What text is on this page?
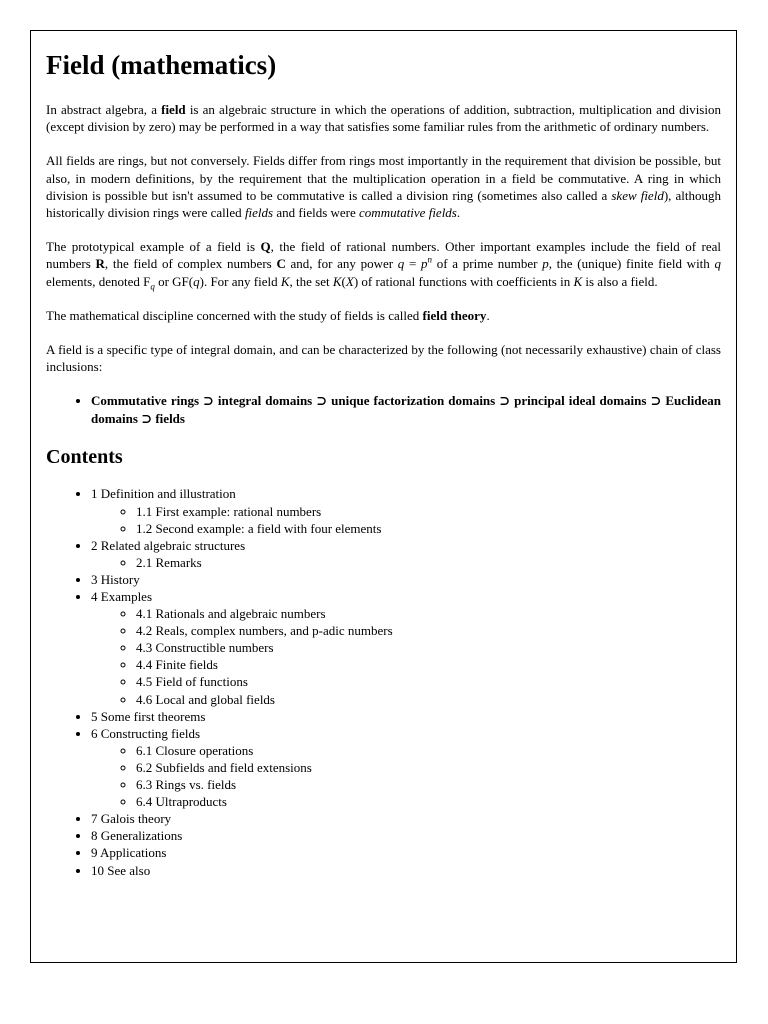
Field (mathematics)

In abstract algebra, a field is an algebraic structure in which the operations of addition, subtraction, multiplication and division (except division by zero) may be performed in a way that satisfies some familiar rules from the arithmetic of ordinary numbers.

All fields are rings, but not conversely. Fields differ from rings most importantly in the requirement that division be possible, but also, in modern definitions, by the requirement that the multiplication operation in a field be commutative. A ring in which division is possible but isn't assumed to be commutative is called a division ring (sometimes also called a skew field), although historically division rings were called fields and fields were commutative fields.

The prototypical example of a field is Q, the field of rational numbers. Other important examples include the field of real numbers R, the field of complex numbers C and, for any power $q = p^n$ of a prime number p, the (unique) finite field with q elements, denoted $F_q$ or GF(q). For any field K, the set K(X) of rational functions with coefficients in K is also a field.

The mathematical discipline concerned with the study of fields is called field theory.

A field is a specific type of integral domain, and can be characterized by the following (not necessarily exhaustive) chain of class inclusions:

• Commutative rings ⊃ integral domains ⊃ unique factorization domains ⊃ principal ideal domains ⊃ Euclidean domains ⊃ fields
Contents
• 1 Definition and illustration
◦ 1.1 First example: rational numbers
◦ 1.2 Second example: a field with four elements
• 2 Related algebraic structures
◦ 2.1 Remarks
• 3 History
• 4 Examples
◦ 4.1 Rationals and algebraic numbers
◦ 4.2 Reals, complex numbers, and p-adic numbers
◦ 4.3 Constructible numbers
◦ 4.4 Finite fields
◦ 4.5 Field of functions
◦ 4.6 Local and global fields
• 5 Some first theorems
• 6 Constructing fields
◦ 6.1 Closure operations
◦ 6.2 Subfields and field extensions
◦ 6.3 Rings vs. fields
◦ 6.4 Ultraproducts
• 7 Galois theory
• 8 Generalizations
• 9 Applications
• 10 See also
